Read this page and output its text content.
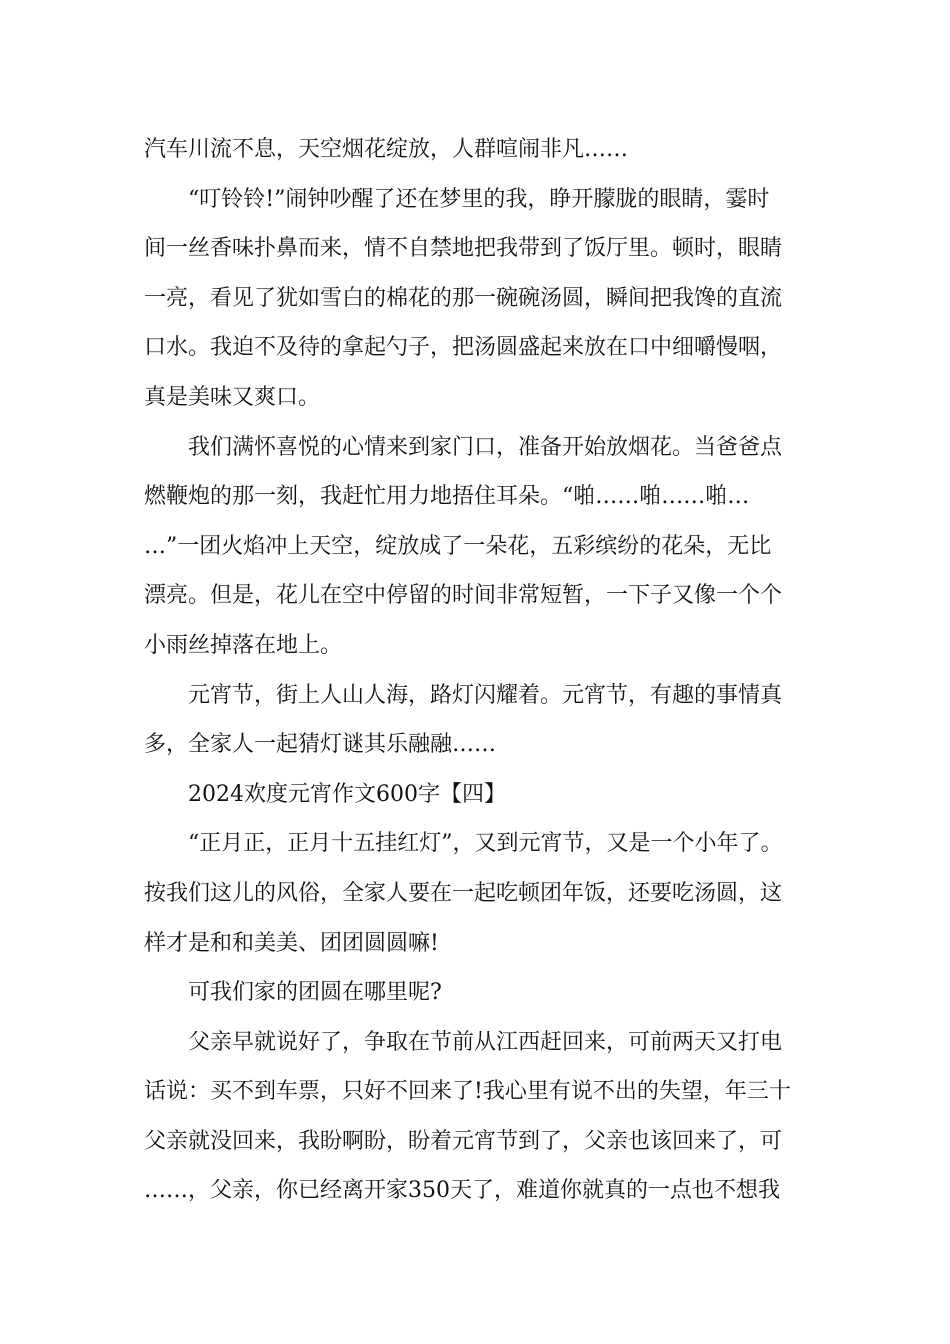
汽车川流不息，天空烟花绽放，人群喧闹非凡……
“叮铃铃!”闹钟吵醒了还在梦里的我，睁开朦胧的眼睛，霎时
间一丝香味扑鼻而来，情不自禁地把我带到了饭厅里。顿时，眼睛
一亮，看见了犹如雪白的棉花的那一碗碗汤圆，瞬间把我馋的直流
口水。我迫不及待的拿起勺子，把汤圆盛起来放在口中细嚼慢咽，
真是美味又爽口。
我们满怀喜悦的心情来到家门口，准备开始放烟花。当爸爸点
燃鞭炮的那一刻，我赶忙用力地捂住耳朵。“啪……啪……啪…
…”一团火焰冲上天空，绽放成了一朵花，五彩缤纷的花朵，无比
漂亮。但是，花儿在空中停留的时间非常短暂，一下子又像一个个
小雨丝掉落在地上。
元宵节，街上人山人海，路灯闪耀着。元宵节，有趣的事情真
多，全家人一起猜灯谜其乐融融……
2024欢度元宵作文600字【四】
“正月正，正月十五挂红灯”，又到元宵节，又是一个小年了。
按我们这儿的风俗，全家人要在一起吃顿团年饭，还要吃汤圆，这
样才是和和美美、团团圆圆嘛!
可我们家的团圆在哪里呢?
父亲早就说好了，争取在节前从江西赶回来，可前两天又打电
话说：买不到车票，只好不回来了!我心里有说不出的失望，年三十
父亲就没回来，我盼啊盼，盼着元宵节到了，父亲也该回来了，可
……，父亲，你已经离开家350天了，难道你就真的一点也不想我
